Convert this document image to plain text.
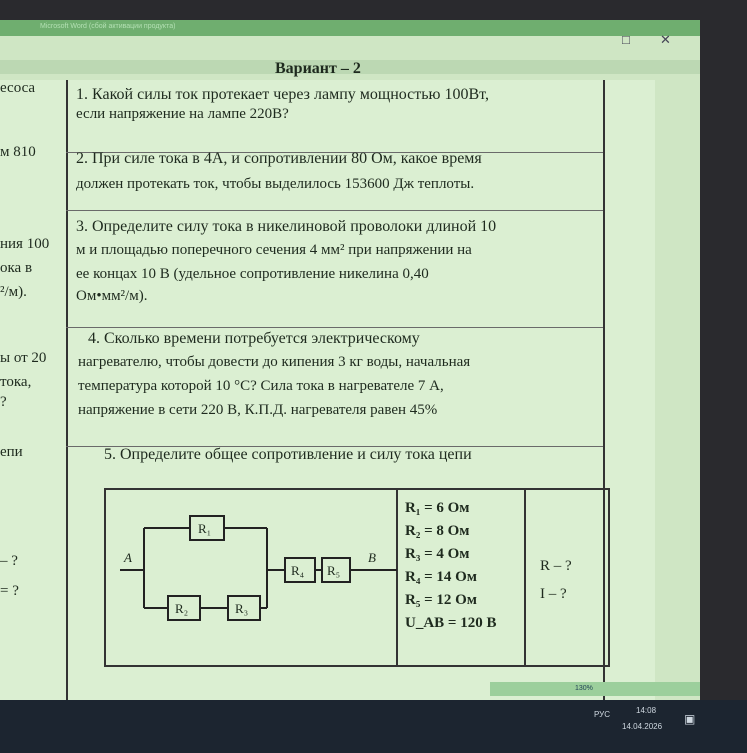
Microsoft Word (сбой активации продукта)
□ ✕
Вариант – 2
есоса
м 810
ния 100
ока в
²/м).
ы от 20
тока,
?
епи
– ?
= ?
1. Какой силы ток протекает через лампу мощностью 100Вт,
если напряжение на лампе 220В?
2. При силе тока в 4А, и сопротивлении 80 Ом, какое время
должен протекать ток, чтобы выделилось 153600 Дж теплоты.
3. Определите силу тока в никелиновой проволоки длиной 10
м и площадью поперечного сечения 4 мм² при напряжении на
ее концах 10 В (удельное сопротивление никелина 0,40
Ом•мм²/м).
4. Сколько времени потребуется электрическому
нагревателю, чтобы довести до кипения 3 кг воды, начальная
температура которой 10 °С? Сила тока в нагревателе 7 А,
напряжение в сети 220 В, К.П.Д. нагревателя равен 45%
5. Определите общее сопротивление и силу тока цепи
A	B
R₁
R₂	R₃
R₄ R₅
R₁ = 6 Ом
R₂ = 8 Ом
R₃ = 4 Ом
R₄ = 14 Ом
R₅ = 12 Ом
U_AB = 120 В
R – ?
I – ?
130%
РУС	14:08
14.04.2026
▣
